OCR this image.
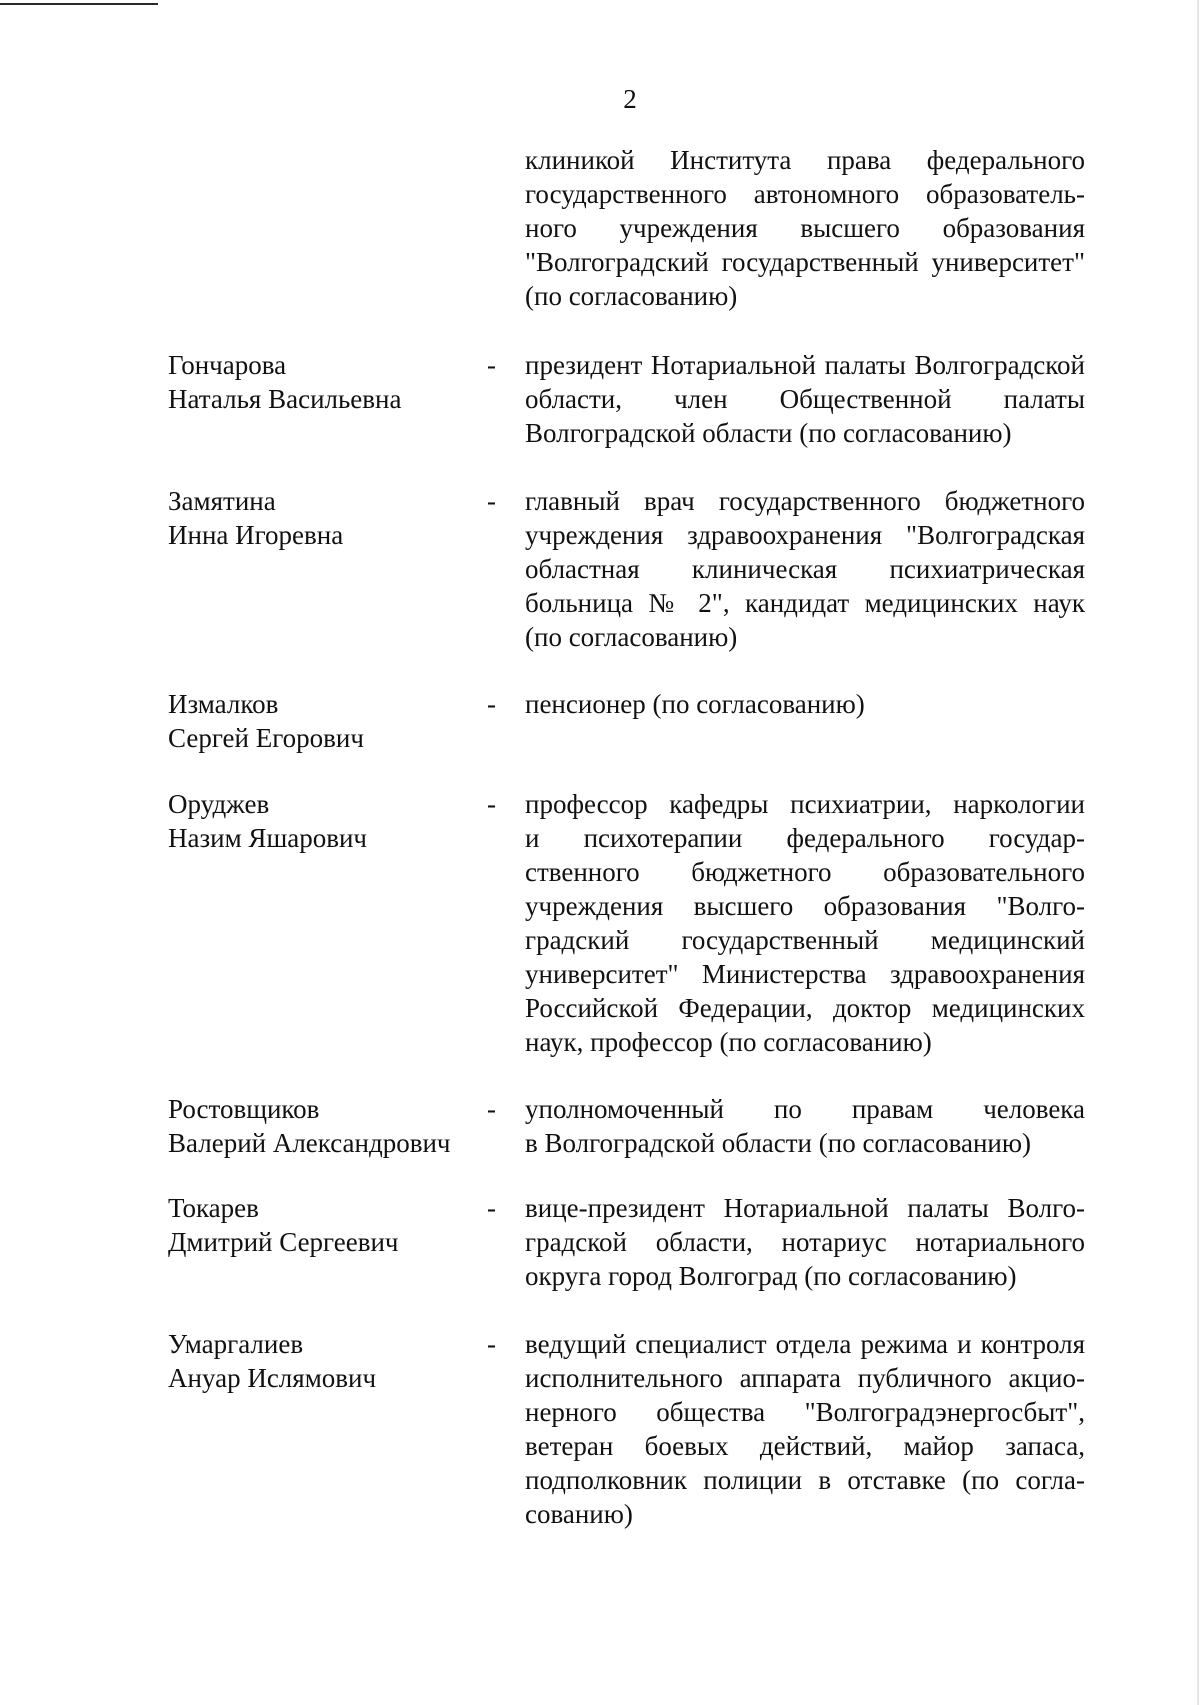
2
клиникой Института права федерального
государственного автономного образователь-
ного учреждения высшего образования
"Волгоградский государственный университет"
(по согласованию)
Гончарова
Наталья Васильевна
-	президент Нотариальной палаты Волгоградской
области, член Общественной палаты
Волгоградской области (по согласованию)
Замятина
Инна Игоревна
-	главный врач государственного бюджетного
учреждения здравоохранения "Волгоградская
областная клиническая психиатрическая
больница № 2", кандидат медицинских наук
(по согласованию)
Измалков
Сергей Егорович
-	пенсионер (по согласованию)
Оруджев
Назим Яшарович
-	профессор кафедры психиатрии, наркологии
и психотерапии федерального государ-
ственного бюджетного образовательного
учреждения высшего образования "Волго-
градский государственный медицинский
университет" Министерства здравоохранения
Российской Федерации, доктор медицинских
наук, профессор (по согласованию)
Ростовщиков
Валерий Александрович
-	уполномоченный по правам человека
в Волгоградской области (по согласованию)
Токарев
Дмитрий Сергеевич
-	вице-президент Нотариальной палаты Волго-
градской области, нотариус нотариального
округа город Волгоград (по согласованию)
Умаргалиев
Ануар Ислямович
-	ведущий специалист отдела режима и контроля
исполнительного аппарата публичного акцио-
нерного общества "Волгоградэнергосбыт",
ветеран боевых действий, майор запаса,
подполковник полиции в отставке (по согла-
сованию)
